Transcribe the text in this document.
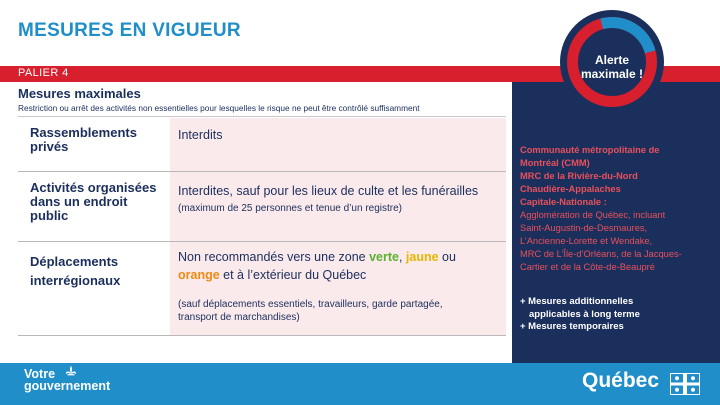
MESURES EN VIGUEUR
PALIER 4
Alerte
maximale !
Mesures maximales
Restriction ou arrêt des activités non essentielles pour lesquelles le risque ne peut être contrôlé suffisamment
Rassemblements
privés
Interdits
Activités organisées
dans un endroit
public
Interdites, sauf pour les lieux de culte et les funérailles
(maximum de 25 personnes et tenue d’un registre)
Déplacements
interrégionaux
Non recommandés vers une zone verte, jaune ou
orange et à l’extérieur du Québec
(sauf déplacements essentiels, travailleurs, garde partagée,
transport de marchandises)
Communauté métropolitaine de
Montréal (CMM)
MRC de la Rivière-du-Nord
Chaudière-Appalaches
Capitale-Nationale :
Agglomération de Québec, incluant
Saint-Augustin-de-Desmaures,
L’Ancienne-Lorette et Wendake,
MRC de L’Île-d’Orléans, de la Jacques-
Cartier et de la Côte-de-Beaupré
+ Mesures additionnelles
applicables à long terme
+ Mesures temporaires
Votre
gouvernement	Québec
